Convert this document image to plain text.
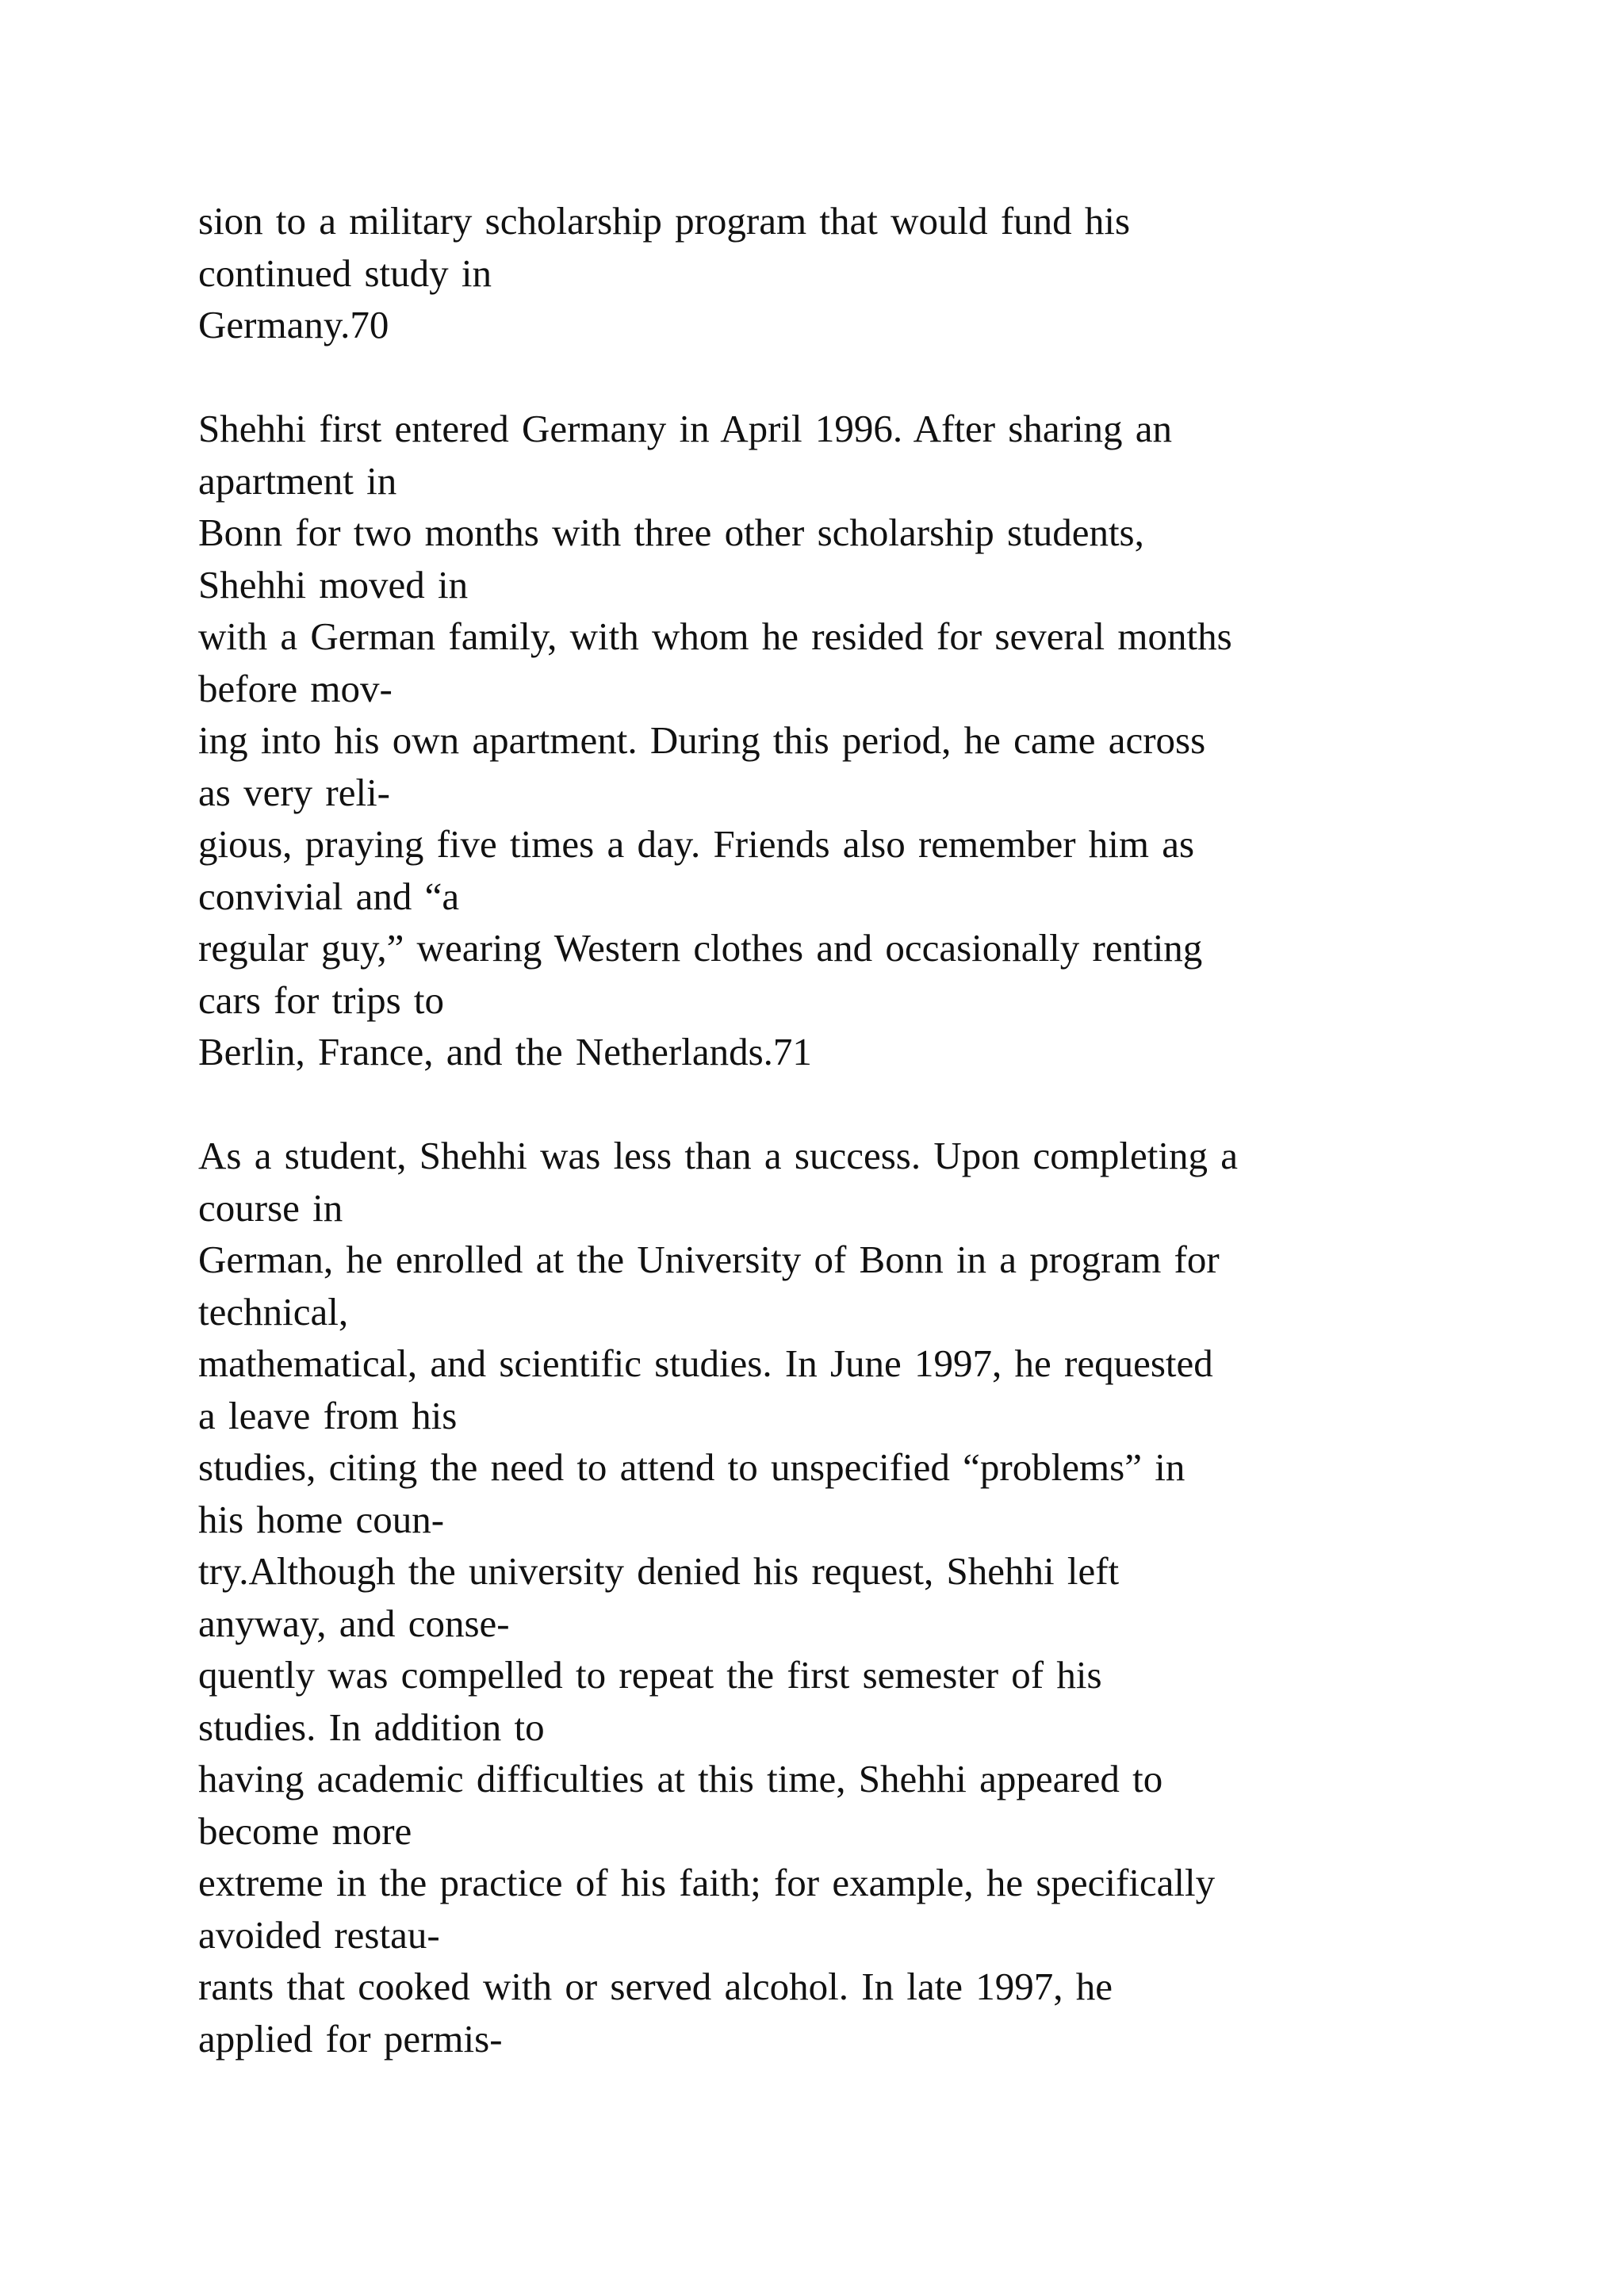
sion to a military scholarship program that would fund his
continued study in
Germany.70

Shehhi first entered Germany in April 1996. After sharing an
apartment in
Bonn for two months with three other scholarship students,
Shehhi moved in
with a German family, with whom he resided for several months
before mov-
ing into his own apartment. During this period, he came across
as very reli-
gious, praying five times a day. Friends also remember him as
convivial and “a
regular guy,” wearing Western clothes and occasionally renting
cars for trips to
Berlin, France, and the Netherlands.71

As a student, Shehhi was less than a success. Upon completing a
course in
German, he enrolled at the University of Bonn in a program for
technical,
mathematical, and scientific studies. In June 1997, he requested
a leave from his
studies, citing the need to attend to unspecified “problems” in
his home coun-
try.Although the university denied his request, Shehhi left
anyway, and conse-
quently was compelled to repeat the first semester of his
studies. In addition to
having academic difficulties at this time, Shehhi appeared to
become more
extreme in the practice of his faith; for example, he specifically
avoided restau-
rants that cooked with or served alcohol. In late 1997, he
applied for permis-
